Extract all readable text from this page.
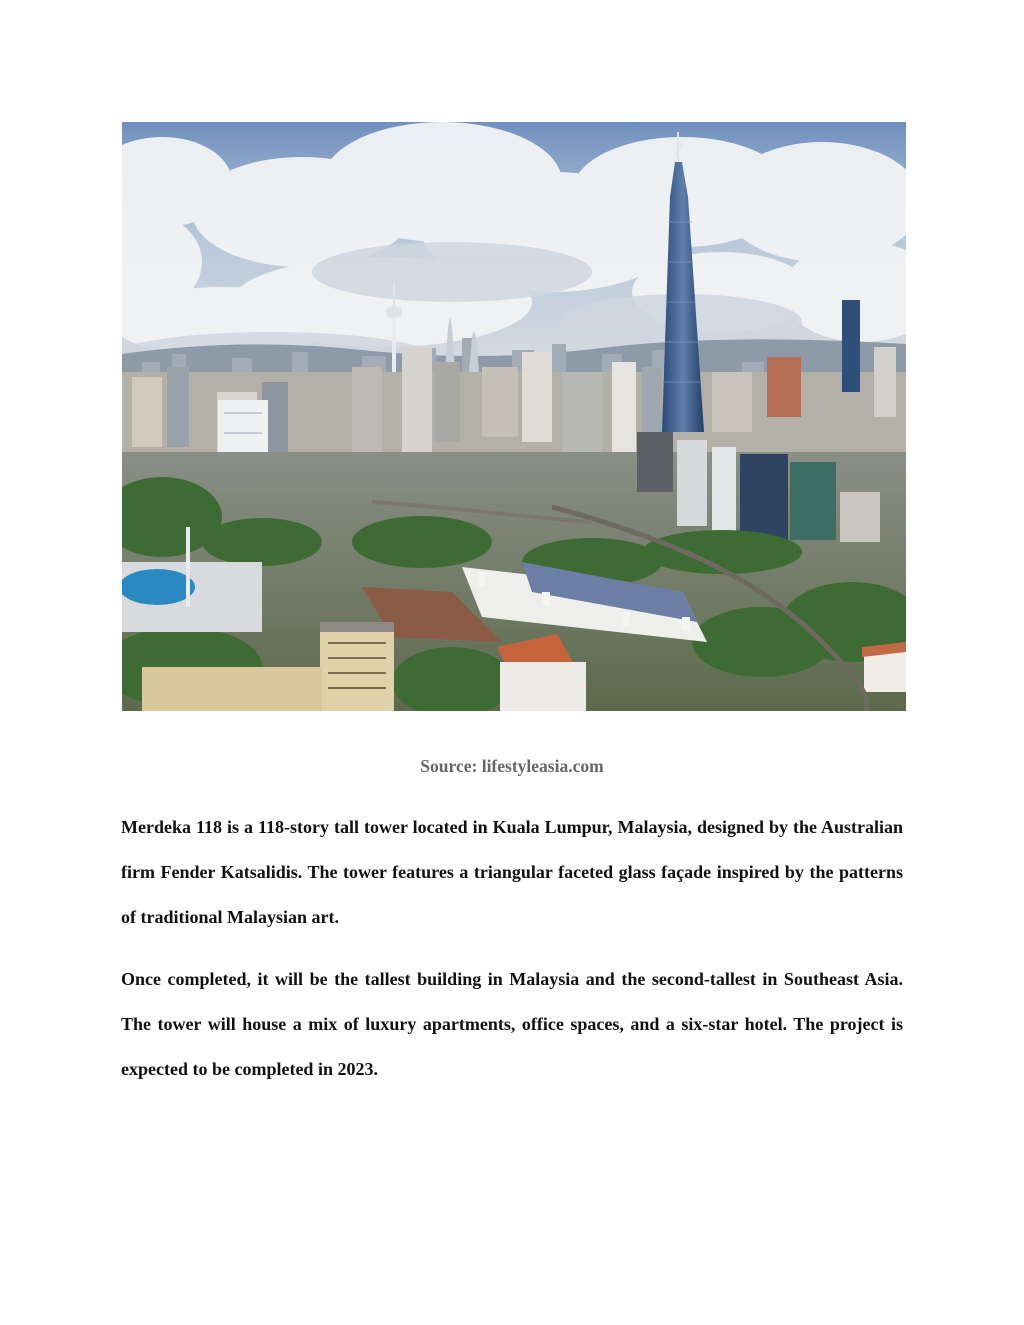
Source: lifestyleasia.com

Merdeka 118 is a 118-story tall tower located in Kuala Lumpur, Malaysia, designed by the Australian firm Fender Katsalidis. The tower features a triangular faceted glass façade inspired by the patterns of traditional Malaysian art.

Once completed, it will be the tallest building in Malaysia and the second-tallest in Southeast Asia. The tower will house a mix of luxury apartments, office spaces, and a six-star hotel. The project is expected to be completed in 2023.
